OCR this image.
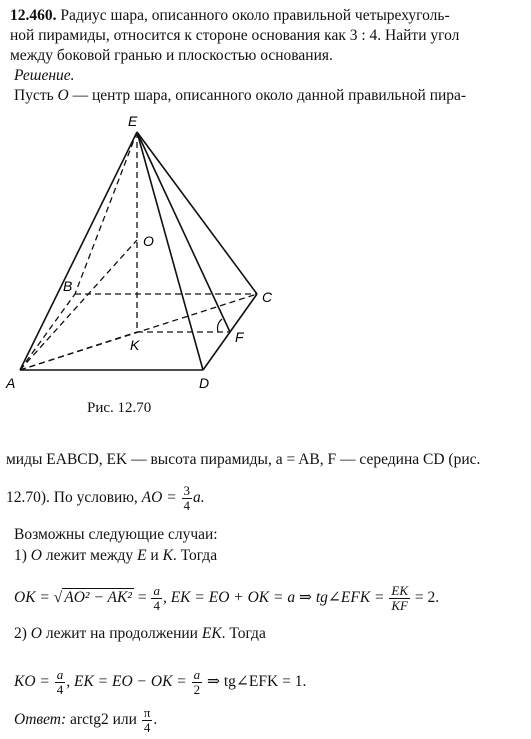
12.460. Радиус шара, описанного около правильной четырехуголь-
ной пирамиды, относится к стороне основания как 3 : 4. Найти угол
между боковой гранью и плоскостью основания.
Решение.
Пусть O — центр шара, описанного около данной правильной пира-
E
O
B
C
K	F
A	D
Рис. 12.70
миды EABCD, EK — высота пирамиды, a = AB, F — середина CD (рис.
12.70). По условию, AO = $\frac{3}{4} a$.
Возможны следующие случаи:
1) O лежит между E и K. Тогда
OK = √ $AO^2 - AK^2 = \frac{a}{4}$ , EK = EO + OK = a ⇒ tg∠EFK = $\frac{EK}{KF} = 2$.
2) O лежит на продолжении EK. Тогда
KO = $\frac{a}{4}$ , EK = EO − OK = $\frac{a}{2}$ ⇒ tg∠EFK = 1.
Ответ: arctg2 или $\frac{\pi}{4}$ .
